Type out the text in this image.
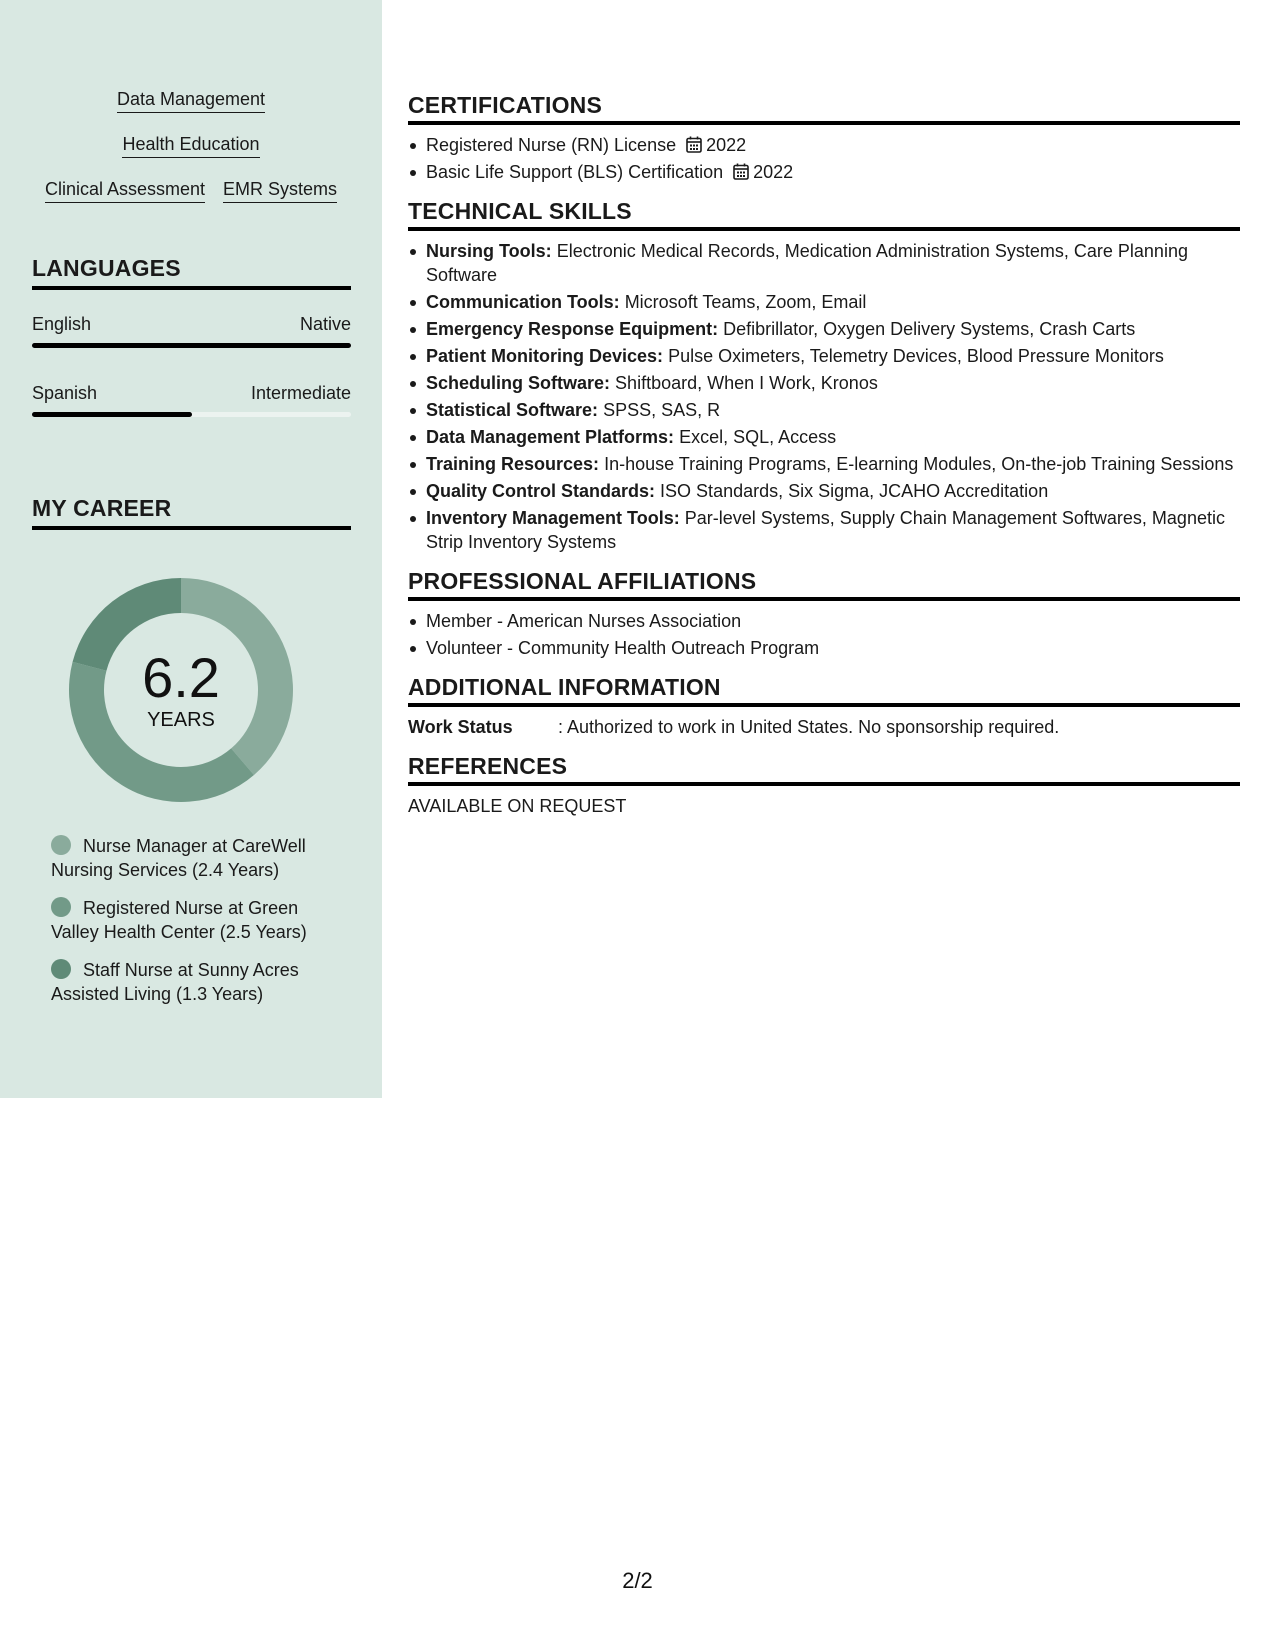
Data Management
Health Education
Clinical Assessment EMR Systems
LANGUAGES
English	Native
Spanish	Intermediate
MY CAREER
6.2
YEARS
Nurse Manager at CareWell Nursing Services (2.4 Years)
Registered Nurse at Green Valley Health Center (2.5 Years)
Staff Nurse at Sunny Acres Assisted Living (1.3 Years)
CERTIFICATIONS
Registered Nurse (RN) License 2022
Basic Life Support (BLS) Certification 2022
TECHNICAL SKILLS
Nursing Tools: Electronic Medical Records, Medication Administration Systems, Care Planning Software
Communication Tools: Microsoft Teams, Zoom, Email
Emergency Response Equipment: Defibrillator, Oxygen Delivery Systems, Crash Carts
Patient Monitoring Devices: Pulse Oximeters, Telemetry Devices, Blood Pressure Monitors
Scheduling Software: Shiftboard, When I Work, Kronos
Statistical Software: SPSS, SAS, R
Data Management Platforms: Excel, SQL, Access
Training Resources: In-house Training Programs, E-learning Modules, On-the-job Training Sessions
Quality Control Standards: ISO Standards, Six Sigma, JCAHO Accreditation
Inventory Management Tools: Par-level Systems, Supply Chain Management Softwares, Magnetic Strip Inventory Systems
PROFESSIONAL AFFILIATIONS
Member - American Nurses Association
Volunteer - Community Health Outreach Program
ADDITIONAL INFORMATION
Work Status	: Authorized to work in United States. No sponsorship required.
REFERENCES
AVAILABLE ON REQUEST
2/2
